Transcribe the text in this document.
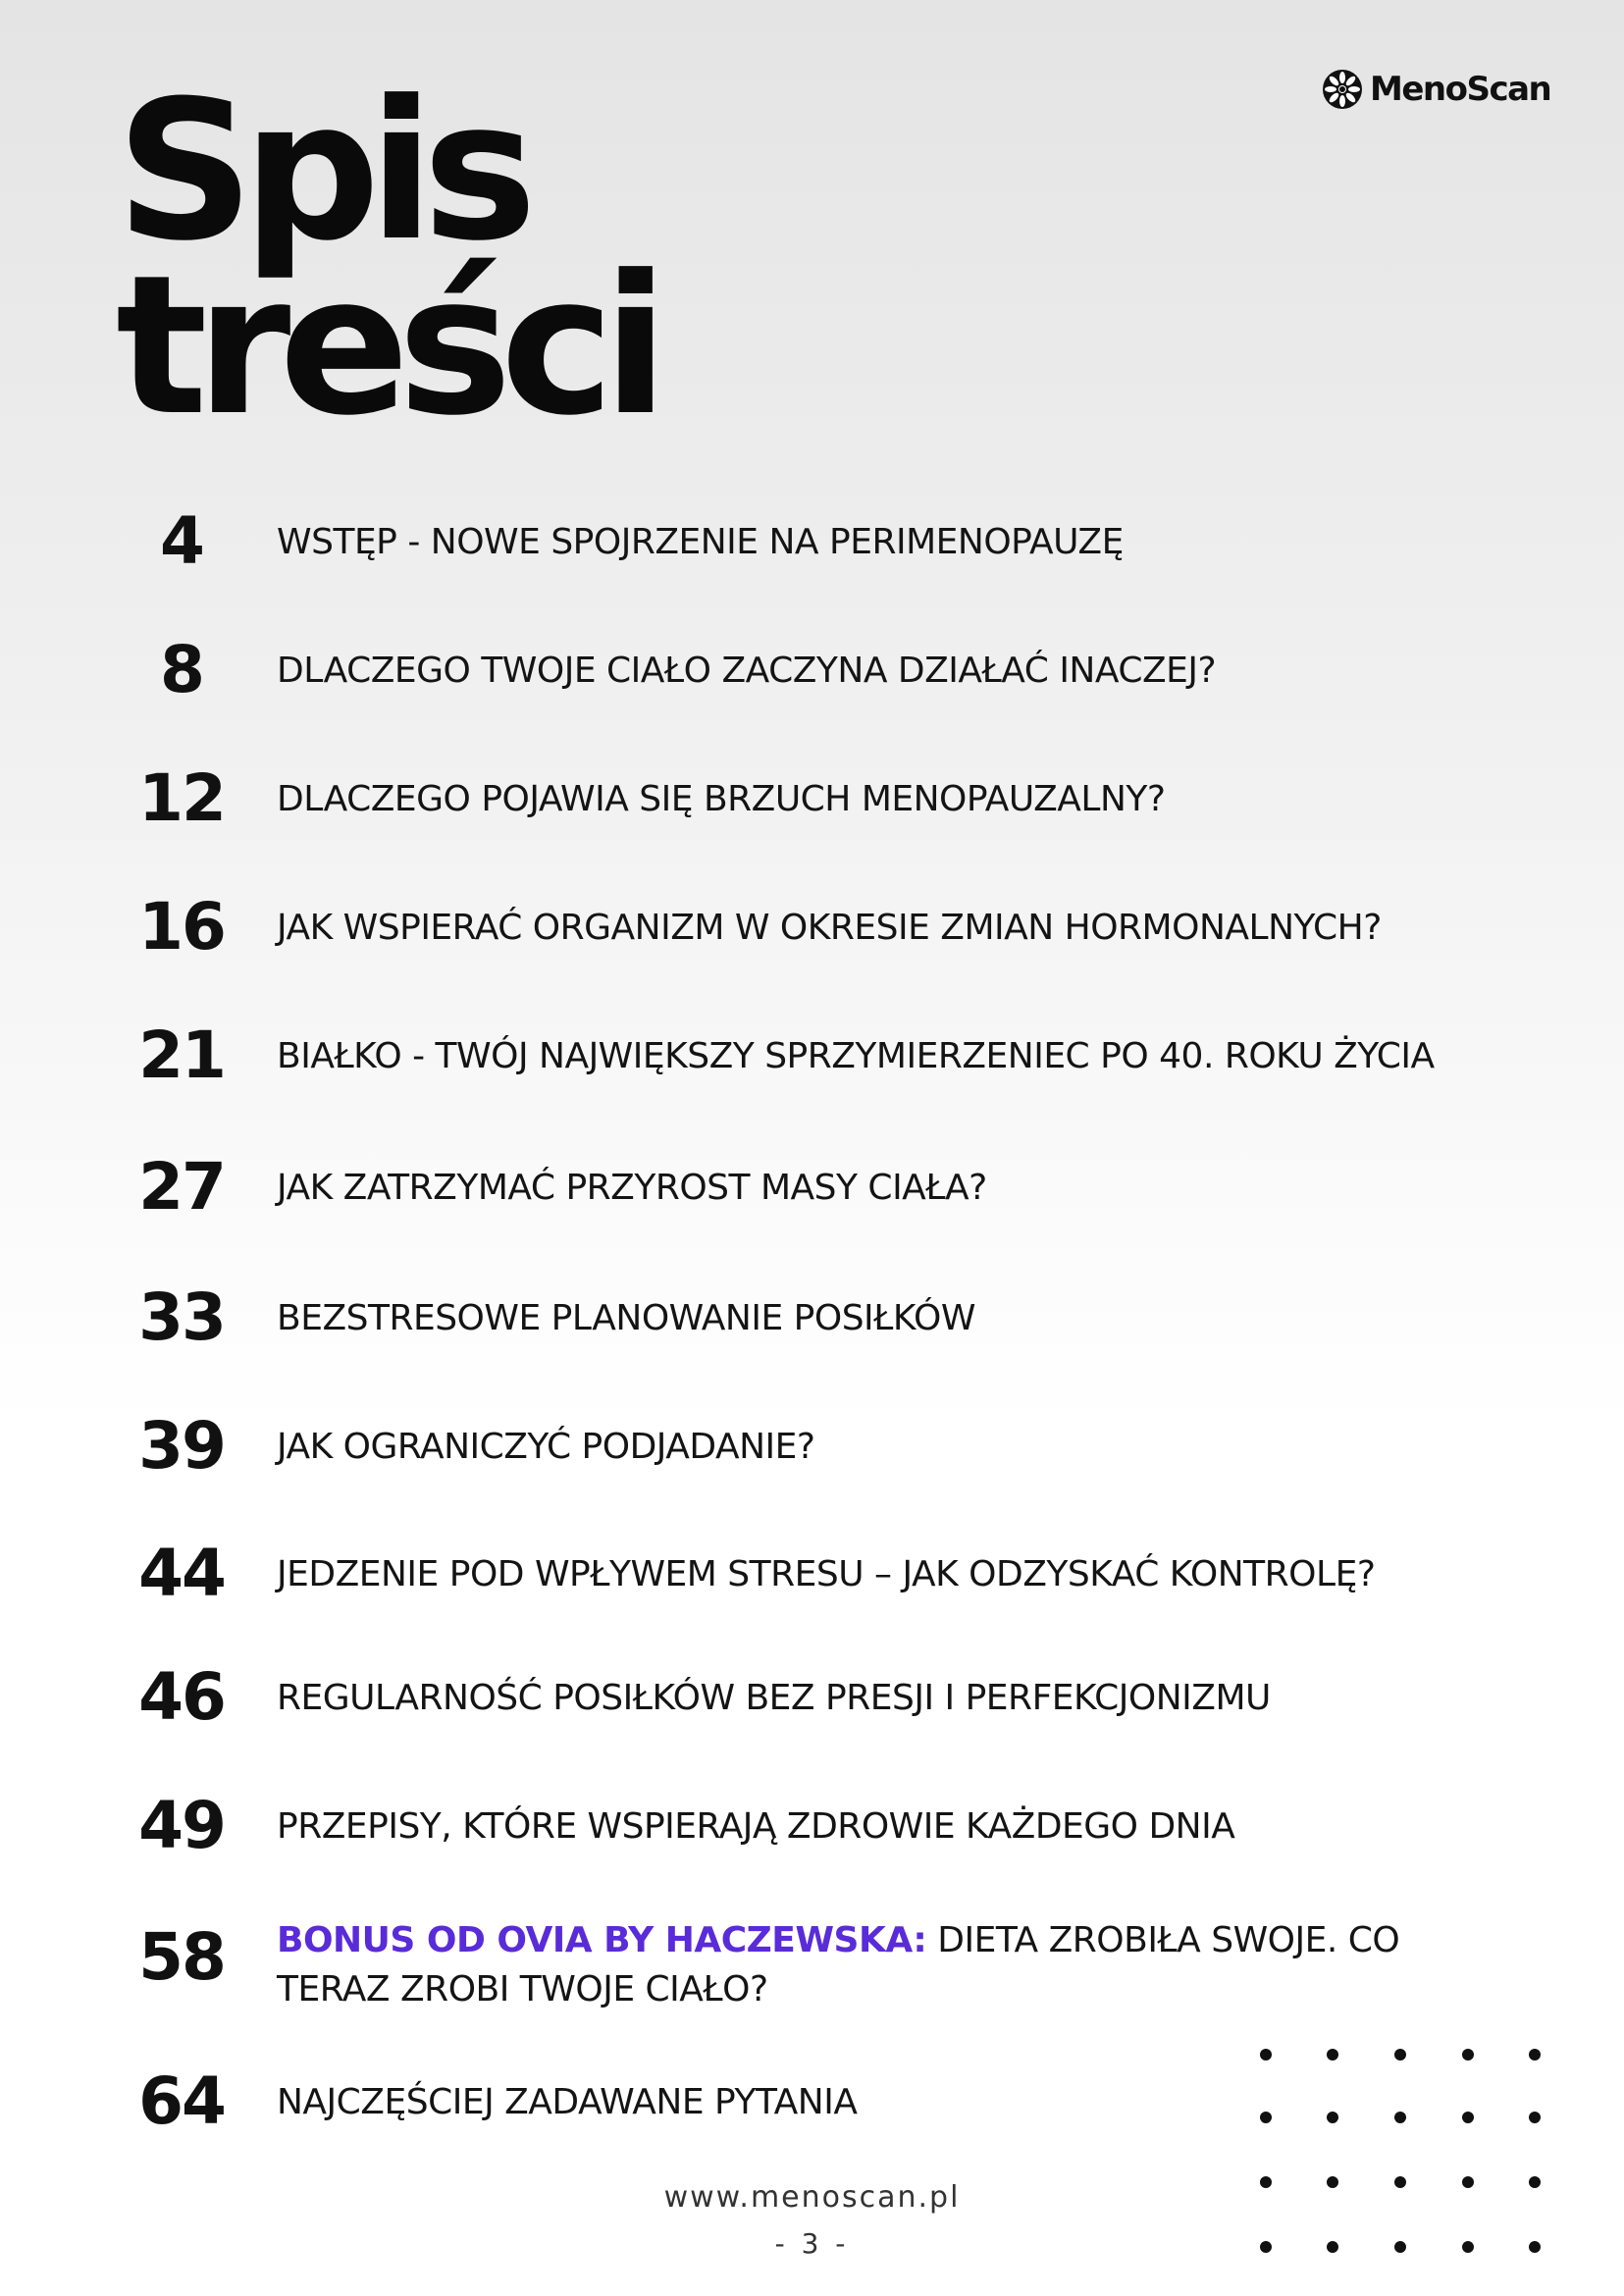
MenoScan
Spis
treści
4	WSTĘP - NOWE SPOJRZENIE NA PERIMENOPAUZĘ
8	DLACZEGO TWOJE CIAŁO ZACZYNA DZIAŁAĆ INACZEJ?
12	DLACZEGO POJAWIA SIĘ BRZUCH MENOPAUZALNY?
16	JAK WSPIERAĆ ORGANIZM W OKRESIE ZMIAN HORMONALNYCH?
21	BIAŁKO - TWÓJ NAJWIĘKSZY SPRZYMIERZENIEC PO 40. ROKU ŻYCIA
27	JAK ZATRZYMAĆ PRZYROST MASY CIAŁA?
33	BEZSTRESOWE PLANOWANIE POSIŁKÓW
39	JAK OGRANICZYĆ PODJADANIE?
44	JEDZENIE POD WPŁYWEM STRESU – JAK ODZYSKAĆ KONTROLĘ?
46	REGULARNOŚĆ POSIŁKÓW BEZ PRESJI I PERFEKCJONIZMU
49	PRZEPISY, KTÓRE WSPIERAJĄ ZDROWIE KAŻDEGO DNIA
58	BONUS OD OVIA BY HACZEWSKA: DIETA ZROBIŁA SWOJE. CO TERAZ ZROBI TWOJE CIAŁO?
64	NAJCZĘŚCIEJ ZADAWANE PYTANIA
www.menoscan.pl
- 3 -
